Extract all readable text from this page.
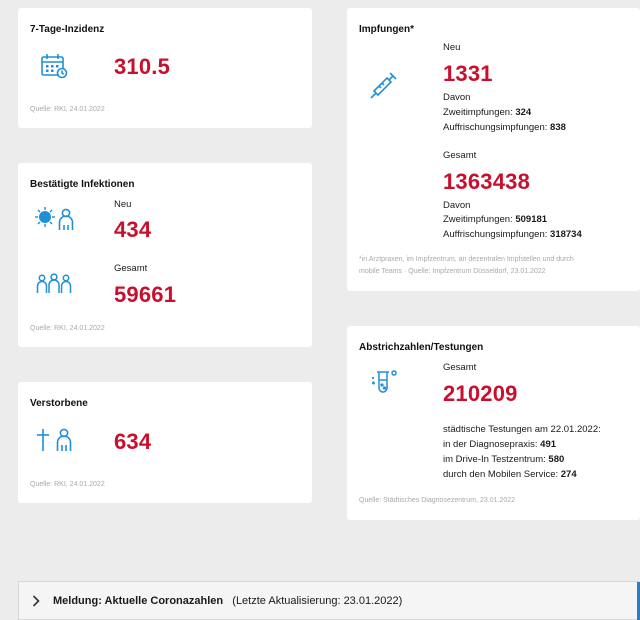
7-Tage-Inzidenz
310.5
Quelle: RKI, 24.01.2022
Bestätigte Infektionen
Neu
434
Gesamt
59661
Quelle: RKI, 24.01.2022
Verstorbene
634
Quelle: RKI, 24.01.2022
Impfungen*
Neu
1331
Davon
Zweitimpfungen: 324
Auffrischungsimpfungen: 838
Gesamt
1363438
Davon
Zweitimpfungen: 509181
Auffrischungsimpfungen: 318734
*in Arztpraxen, im Impfzentrum, an dezentralen Impfstellen und durch
mobile Teams · Quelle: Impfzentrum Düsseldorf, 23.01.2022
Abstrichzahlen/Testungen
Gesamt
210209
städtische Testungen am 22.01.2022:
in der Diagnosepraxis: 491
im Drive-In Testzentrum: 580
durch den Mobilen Service: 274
Quelle: Städtisches Diagnosezentrum, 23.01.2022
Meldung: Aktuelle Coronazahlen (Letzte Aktualisierung: 23.01.2022)
